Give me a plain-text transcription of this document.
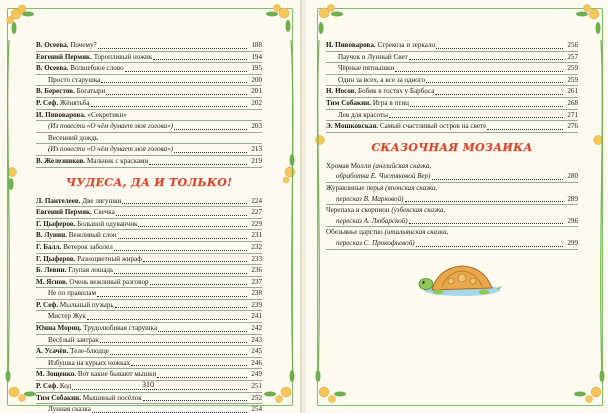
В. Осеева. Почему?	188
Евгений Пермяк. Торопливый ножик	194
В. Осеева. Волшебное слово	195
Просто старушка	200
В. Берестов. Богатыри	201
Р. Сеф. Жёнятьба	202
И. Пивоварова. «Секретики»
(Из повести «О чём думает моя голова»)	203
Весенний дождь
(Из повести «О чём думает моя голова»)	213
В. Железников. Мальчик с красками	219
ЧУДЕСА, ДА И ТОЛЬКО!
Л. Пантелеев. Две лягушки	224
Евгений Пермяк. Свечка	227
Г. Цыферов. Большой одуванчик	229
В. Лунин. Вежливый слон	231
Г. Балл. Ветерок заболел	232
Г. Цыферов. Разноцветный жираф	233
Б. Левин. Глупая лошадь	236
М. Яснов. Очень вежливый разговор	237
Не по правилам	238
Р. Сеф. Мыльный пузырь	239
Мистер Жук	241
Юнна Мориц. Трудолюбивая старушка	242
Весёлый завтрак	243
А. Усачёв. Теле-блюдце	245
Избушка на курьих ножках	246
М. Зощенко. Вот какие бывают мышки	249
Р. Сеф. Код	251
Тим Собакин. Мышиный посёлок	252
Лунная сказка	254
310
И. Пивоварова. Стрекоза и зеркало	256
Паучок и Лунный Свет	257
Чёрные пятнышки	259
Один за всех, а все за одного	259
Н. Носов. Бобик в гостях у Барбоса	261
Тим Собакин. Игра в птиц	268
Лев для красоты	271
Э. Мошковская. Самый счастливый остров на свете	276
СКАЗОЧНАЯ МОЗАИКА
Хромая Молли (английская сказка,
обработка Е. Чистяковой Вер)	280
Журавлиные перья (японская сказка,
пересказ В. Марковой)	289
Черепаха и скорпион (узбекская сказка,
пересказ А. Любарской)	296
Обезьянье царство (итальянская сказка,
пересказ С. Прокофьевой)	299
